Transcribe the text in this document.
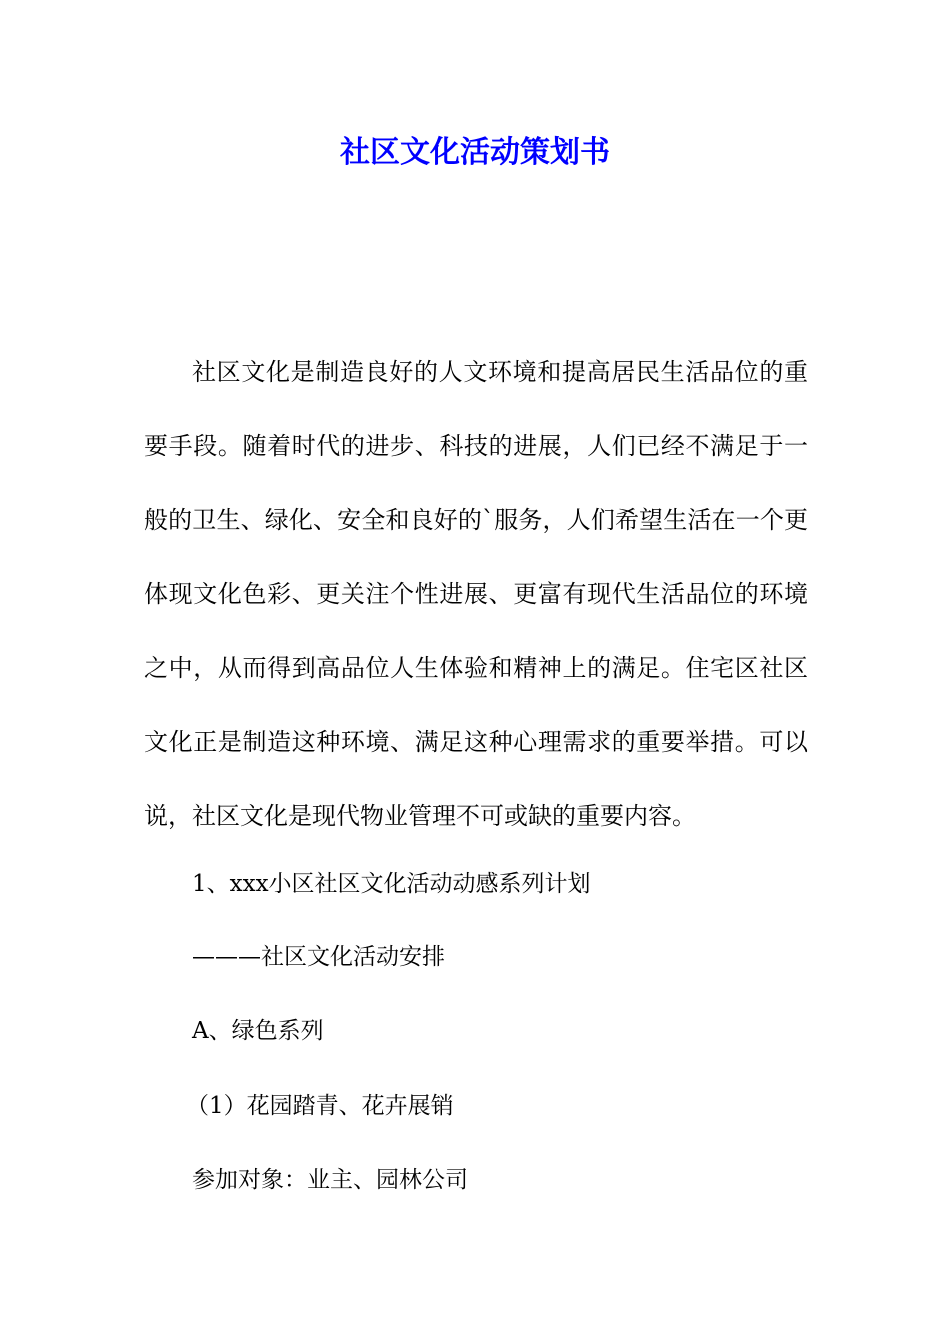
社区文化活动策划书

社区文化是制造良好的人文环境和提高居民生活品位的重要手段。随着时代的进步、科技的进展，人们已经不满足于一般的卫生、绿化、安全和良好的`服务，人们希望生活在一个更体现文化色彩、更关注个性进展、更富有现代生活品位的环境之中，从而得到高品位人生体验和精神上的满足。住宅区社区文化正是制造这种环境、满足这种心理需求的重要举措。可以说，社区文化是现代物业管理不可或缺的重要内容。

1、xxx小区社区文化活动动感系列计划

———社区文化活动安排

A、绿色系列

（1）花园踏青、花卉展销

参加对象：业主、园林公司
